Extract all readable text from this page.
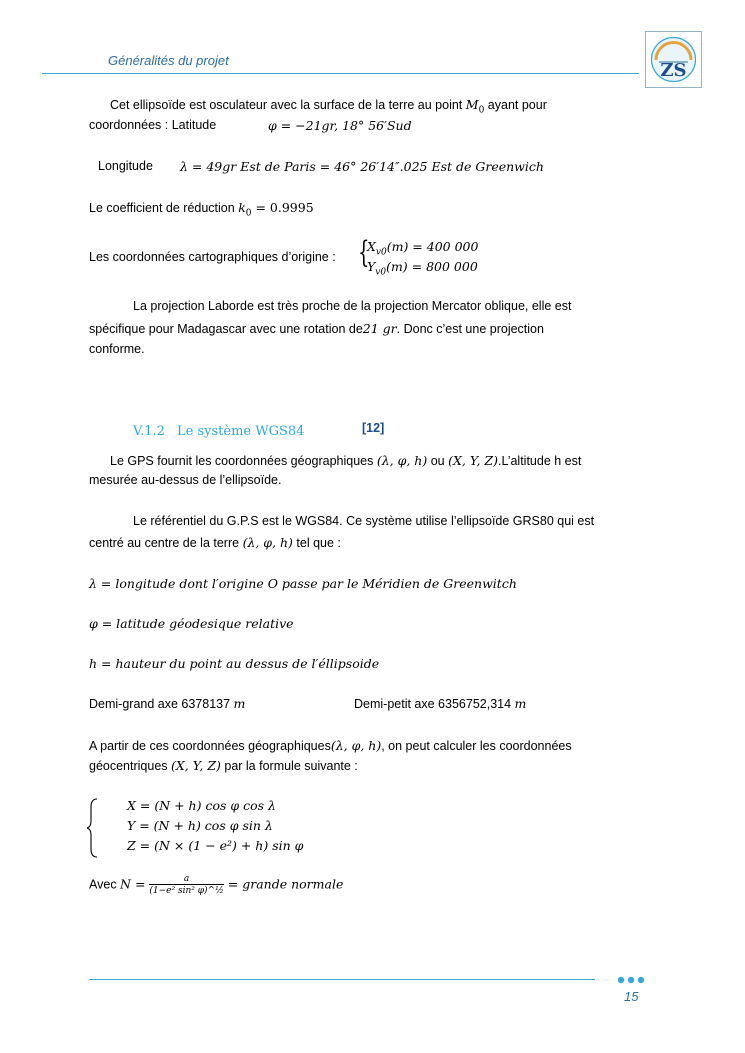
Généralités du projet	ZS
Cet ellipsoïde est osculateur avec la surface de la terre au point $M_0$ ayant pour
coordonnées : Latitude	φ = −21gr, 18° 56′Sud
Longitude λ = 49gr Est de Paris = 46° 26′14″.025 Est de Greenwich
Le coefficient de réduction $k_0 = 0.9995$
Les coordonnées cartographiques d’origine : {
$X_{v0}(m) = 400$ 000
$Y_{v0}(m) = 800$ 000
La projection Laborde est très proche de la projection Mercator oblique, elle est
spécifique pour Madagascar avec une rotation de21 gr. Donc c’est une projection
conforme.
V.1.2 Le système WGS84	[12]
Le GPS fournit les coordonnées géographiques (λ, φ, h) ou (X, Y, Z).L’altitude h est
mesurée au-dessus de l’ellipsoïde.
Le référentiel du G.P.S est le WGS84. Ce système utilise l’ellipsoïde GRS80 qui est
centré au centre de la terre (λ, φ, h) tel que :
λ = longitude dont l′origine O passe par le Méridien de Greenwitch
φ = latitude géodesique relative
h = hauteur du point au dessus de l′éllipsoide
Demi-grand axe 6378137 m	Demi-petit axe 6356752,314 m
A partir de ces coordonnées géographiques(λ, φ, h), on peut calculer les coordonnées
géocentriques (X, Y, Z) par la formule suivante :
X = (N + h) cos φ cos λ
Y = (N + h) cos φ sin λ
Z = (N × (1 − e²) + h) sin φ
Avec $N = \frac{a}{\text{(1−e² sin² φ)\textasciicircum{}½}}$ = grande normale
15
